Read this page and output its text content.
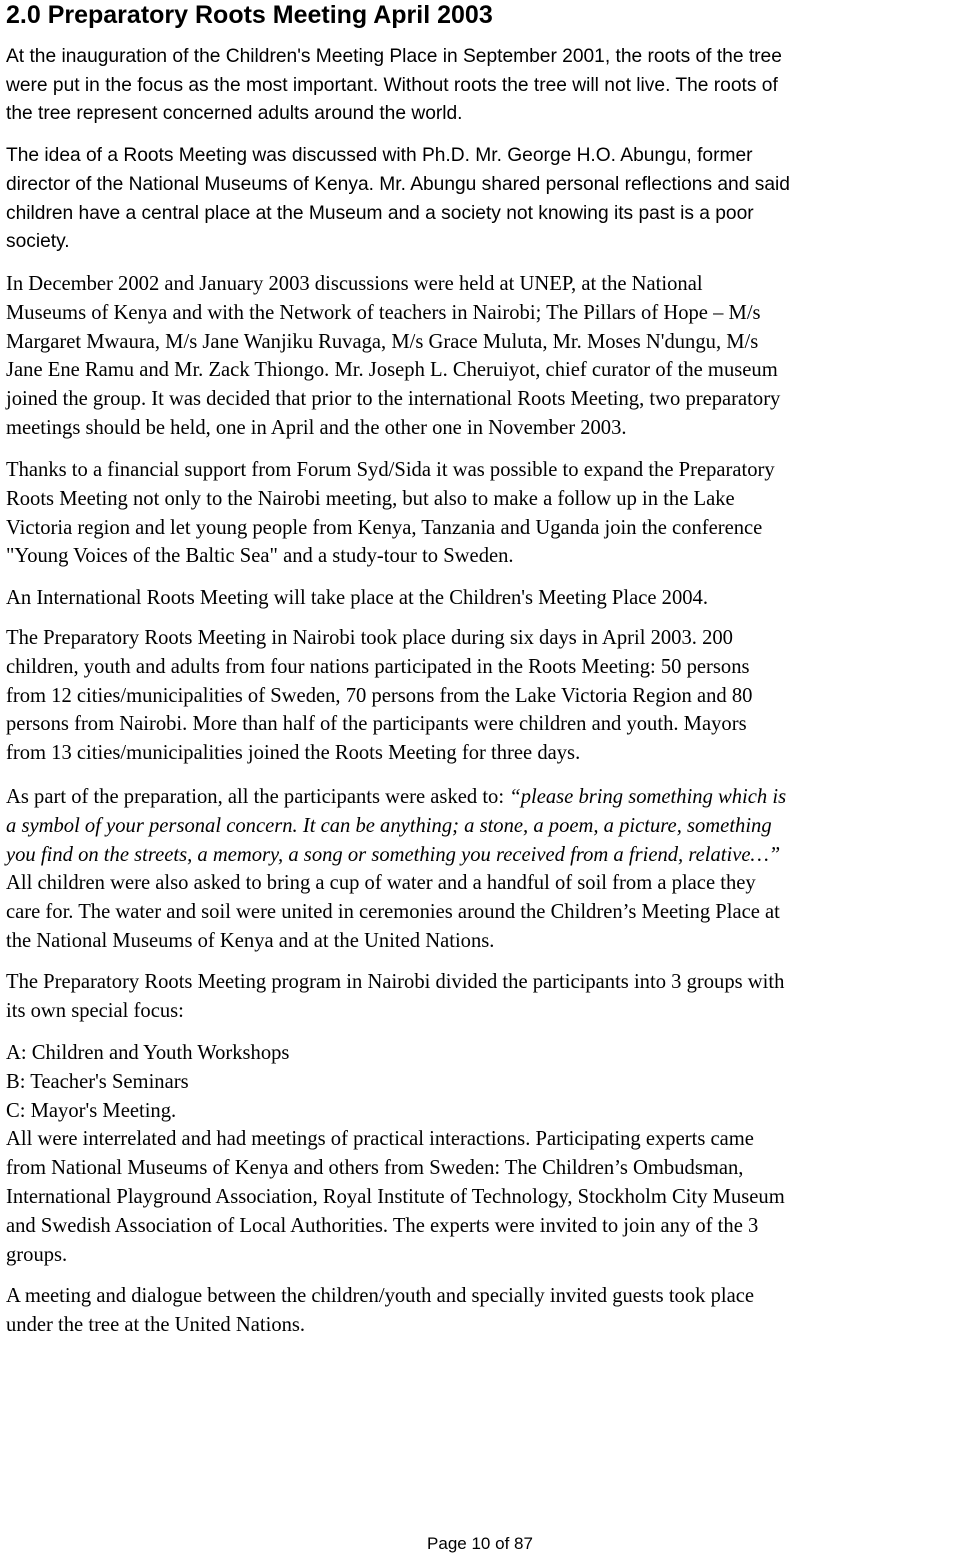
2.0 Preparatory Roots Meeting April 2003

At the inauguration of the Children's Meeting Place in September 2001, the roots of the tree
were put in the focus as the most important. Without roots the tree will not live. The roots of
the tree represent concerned adults around the world.

The idea of a Roots Meeting was discussed with Ph.D. Mr. George H.O. Abungu, former
director of the National Museums of Kenya. Mr. Abungu shared personal reflections and said
children have a central place at the Museum and a society not knowing its past is a poor
society.

In December 2002 and January 2003 discussions were held at UNEP, at the National
Museums of Kenya and with the Network of teachers in Nairobi; The Pillars of Hope – M/s
Margaret Mwaura, M/s Jane Wanjiku Ruvaga, M/s Grace Muluta, Mr. Moses N'dungu, M/s
Jane Ene Ramu and Mr. Zack Thiongo. Mr. Joseph L. Cheruiyot, chief curator of the museum
joined the group. It was decided that prior to the international Roots Meeting, two preparatory
meetings should be held, one in April and the other one in November 2003.

Thanks to a financial support from Forum Syd/Sida it was possible to expand the Preparatory
Roots Meeting not only to the Nairobi meeting, but also to make a follow up in the Lake
Victoria region and let young people from Kenya, Tanzania and Uganda join the conference
"Young Voices of the Baltic Sea" and a study-tour to Sweden.

An International Roots Meeting will take place at the Children's Meeting Place 2004.

The Preparatory Roots Meeting in Nairobi took place during six days in April 2003. 200
children, youth and adults from four nations participated in the Roots Meeting: 50 persons
from 12 cities/municipalities of Sweden, 70 persons from the Lake Victoria Region and 80
persons from Nairobi. More than half of the participants were children and youth. Mayors
from 13 cities/municipalities joined the Roots Meeting for three days.

As part of the preparation, all the participants were asked to: “please bring something which is
a symbol of your personal concern. It can be anything; a stone, a poem, a picture, something
you find on the streets, a memory, a song or something you received from a friend, relative…”
All children were also asked to bring a cup of water and a handful of soil from a place they
care for. The water and soil were united in ceremonies around the Children’s Meeting Place at
the National Museums of Kenya and at the United Nations.

The Preparatory Roots Meeting program in Nairobi divided the participants into 3 groups with
its own special focus:

A: Children and Youth Workshops
B: Teacher's Seminars
C: Mayor's Meeting.
All were interrelated and had meetings of practical interactions. Participating experts came
from National Museums of Kenya and others from Sweden: The Children’s Ombudsman,
International Playground Association, Royal Institute of Technology, Stockholm City Museum
and Swedish Association of Local Authorities. The experts were invited to join any of the 3
groups.

A meeting and dialogue between the children/youth and specially invited guests took place
under the tree at the United Nations.

Page 10 of 87
